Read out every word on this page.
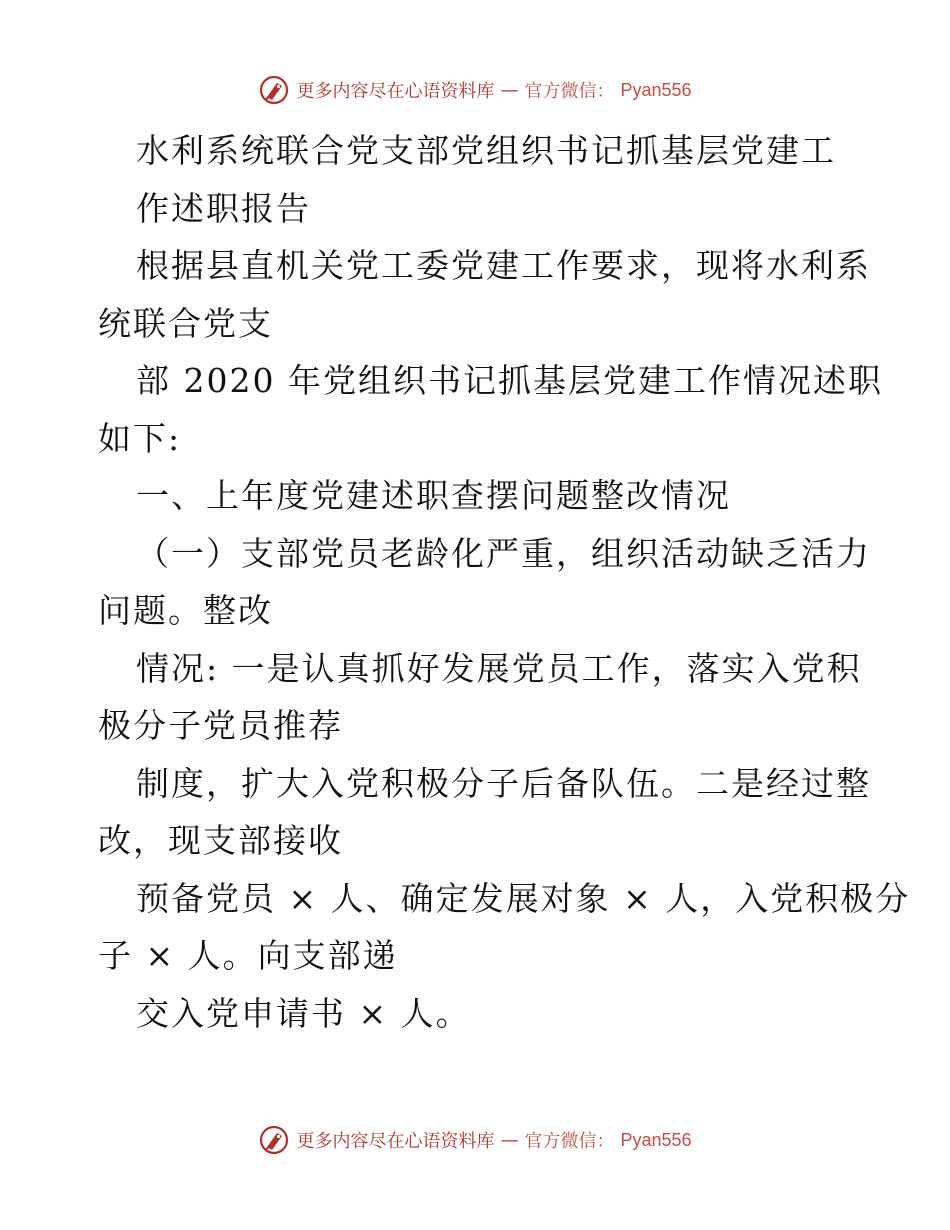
更多内容尽在心语资料库 — 官方微信： Pyan556
水利系统联合党支部党组织书记抓基层党建工
作述职报告
根据县直机关党工委党建工作要求，现将水利系
统联合党支
部 2020 年党组织书记抓基层党建工作情况述职
如下:
一、上年度党建述职查摆问题整改情况
（一）支部党员老龄化严重，组织活动缺乏活力
问题。整改
情况: 一是认真抓好发展党员工作，落实入党积
极分子党员推荐
制度，扩大入党积极分子后备队伍。二是经过整
改，现支部接收
预备党员 × 人、确定发展对象 × 人，入党积极分
子 × 人。向支部递
交入党申请书 × 人。
更多内容尽在心语资料库 — 官方微信： Pyan556
